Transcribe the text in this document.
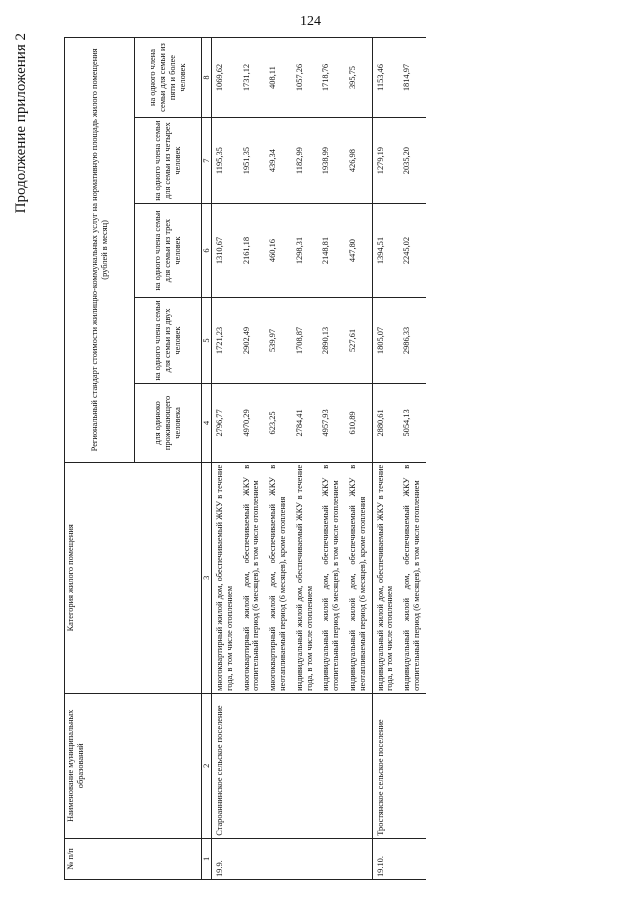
124
Продолжение приложения 2
№ п/п	Наименование муниципальных образований	Категория жилого помещения	Региональный стандарт стоимости жилищно-коммунальных услуг на нормативную площадь жилого помещения (рублей в месяц)				
			для одиноко проживающего человека	на одного члена семьи для семьи из двух человек	на одного члена семьи для семьи из трех человек	на одного члена семьи для семьи из четырех человек	на одного члена семьи для семьи из пяти и более человек
1	2	3	4	5	6	7	8
19.9.	Староаннинское сельское поселение	многоквартирный жилой дом, обеспечиваемый ЖКУ в течение года, в том числе отоплением	2796,77	1721,23	1310,67	1195,35	1069,62
		многоквартирный жилой дом, обеспечиваемый ЖКУ в отопительный период (6 месяцев), в том числе отоплением	4970,29	2902,49	2161,18	1951,35	1731,12
		многоквартирный жилой дом, обеспечиваемый ЖКУ в неотапливаемый период (6 месяцев), кроме отопления	623,25	539,97	460,16	439,34	408,11
		индивидуальный жилой дом, обеспечиваемый ЖКУ в течение года, в том числе отоплением	2784,41	1708,87	1298,31	1182,99	1057,26
		индивидуальный жилой дом, обеспечиваемый ЖКУ в отопительный период (6 месяцев), в том числе отоплением	4957,93	2890,13	2148,81	1938,99	1718,76
		индивидуальный жилой дом, обеспечиваемый ЖКУ в неотапливаемый период (6 месяцев), кроме отопления	610,89	527,61	447,80	426,98	395,75
19.10.	Тростянское сельское поселение	индивидуальный жилой дом, обеспечиваемый ЖКУ в течение года, в том числе отоплением	2880,61	1805,07	1394,51	1279,19	1153,46
		индивидуальный жилой дом, обеспечиваемый ЖКУ в отопительный период (6 месяцев), в том числе отоплением	5054,13	2986,33	2245,02	2035,20	1814,97
